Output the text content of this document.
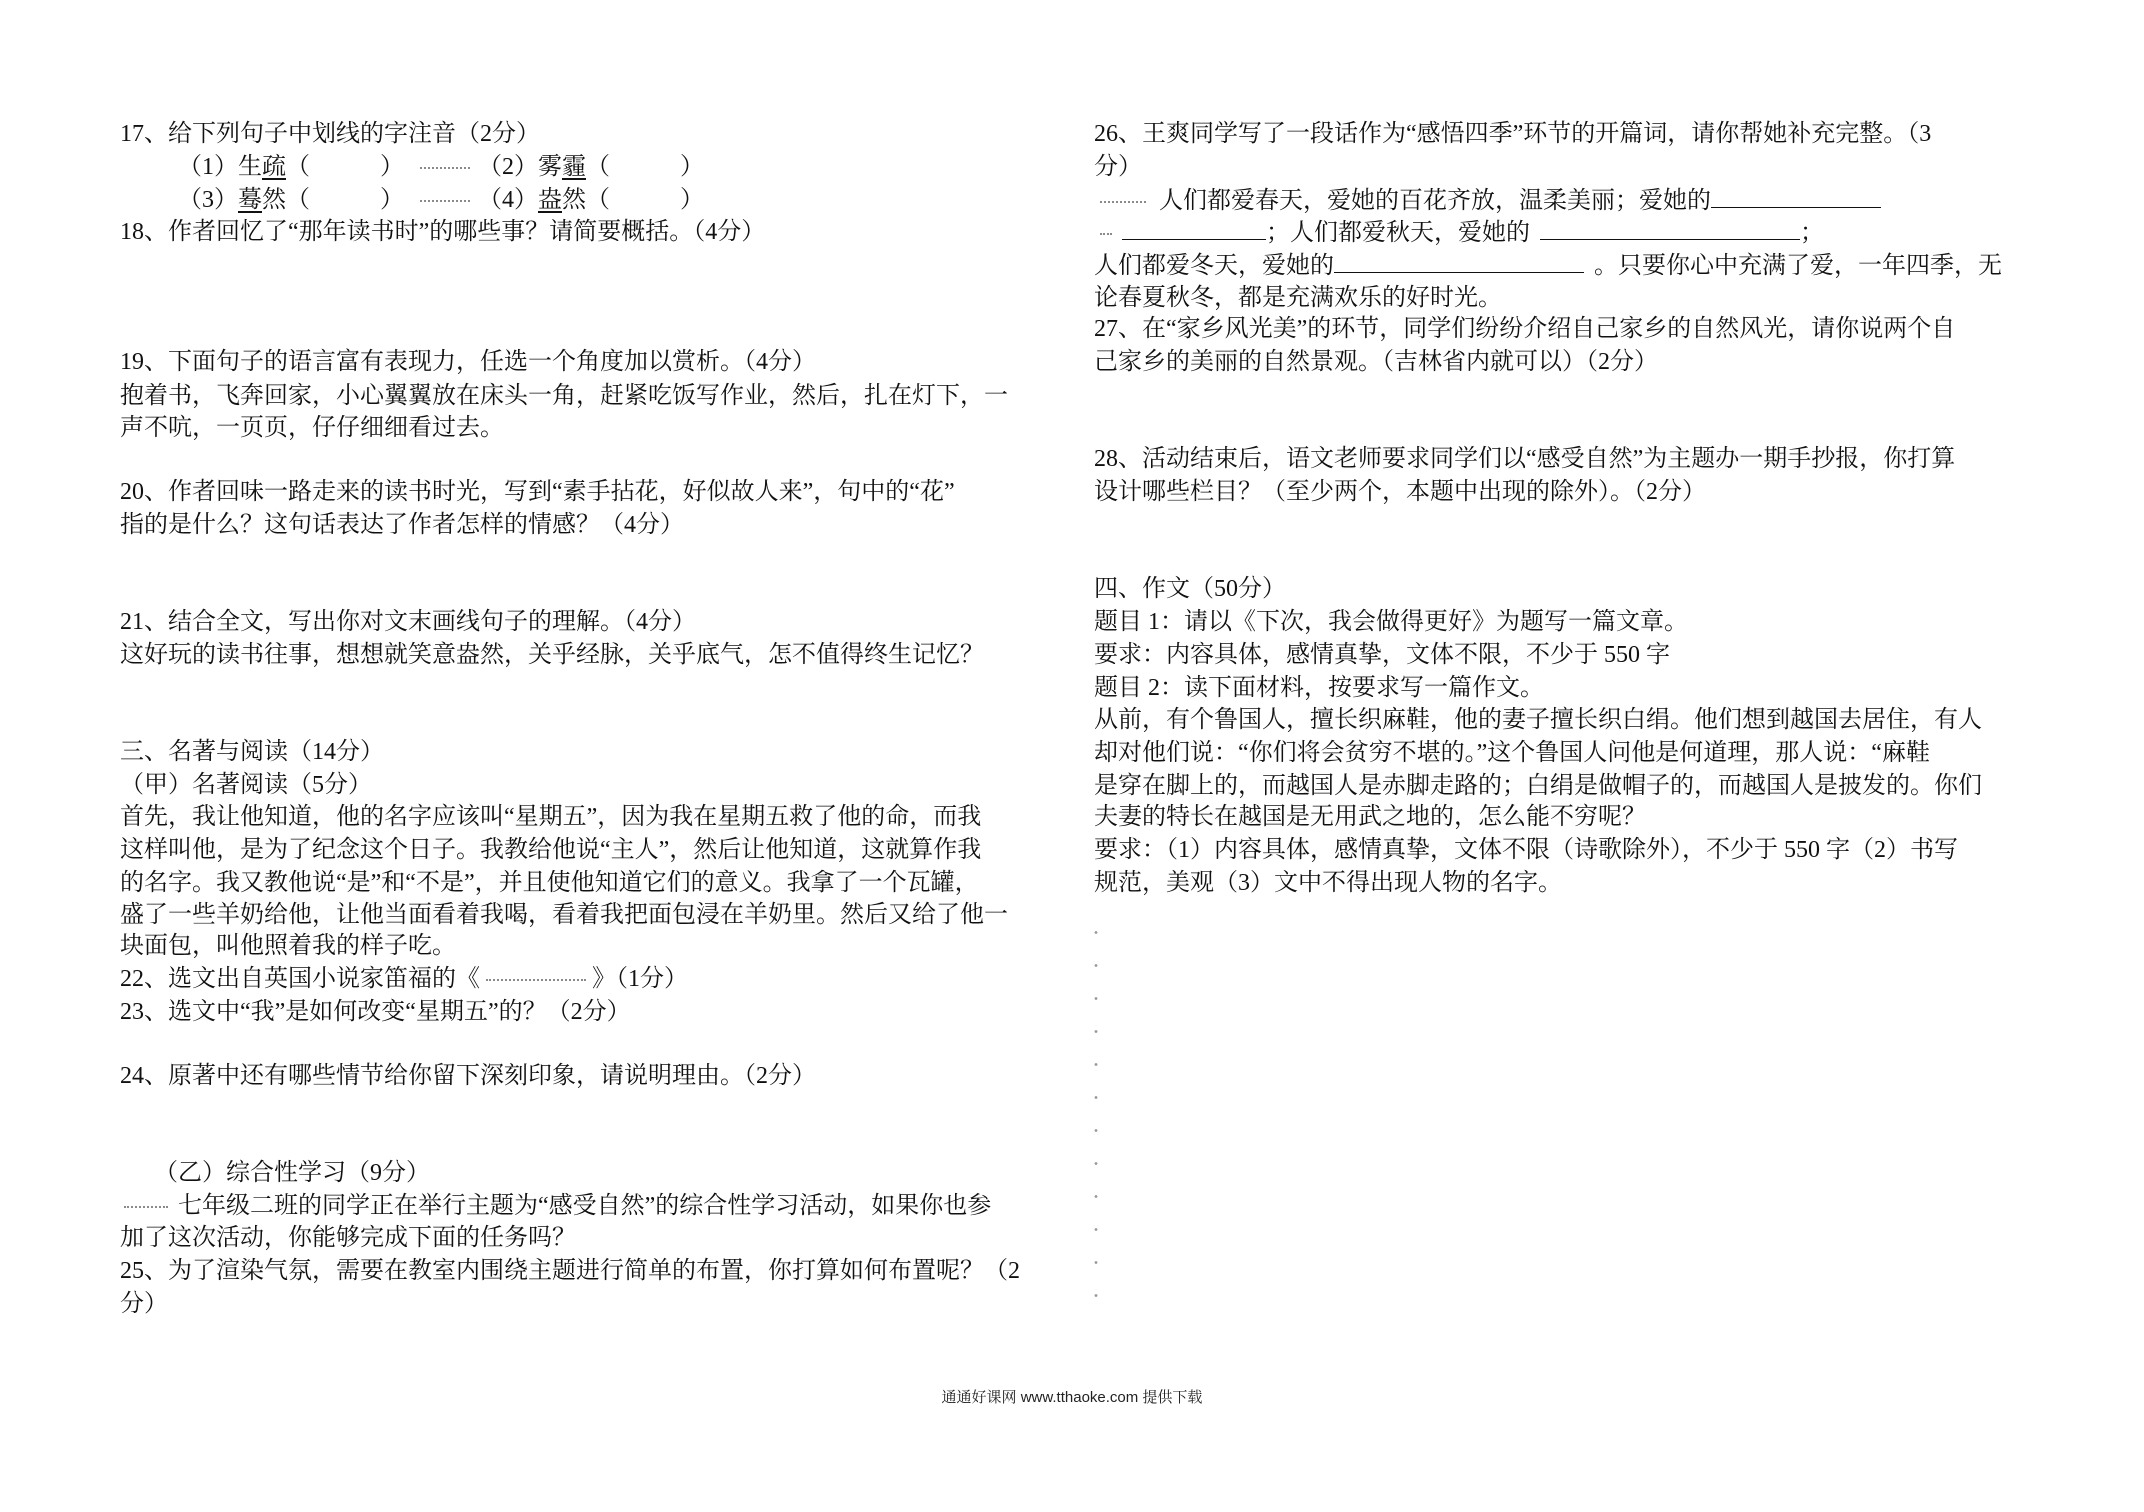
17、给下列句子中划线的字注音（2分）
（1）生疏（	）	（2）雾霾（	）
（3）蓦然（	）	（4）盎然（	）
18、作者回忆了“那年读书时”的哪些事？请简要概括。（4分）
19、下面句子的语言富有表现力，任选一个角度加以赏析。（4分）
抱着书，飞奔回家，小心翼翼放在床头一角，赶紧吃饭写作业，然后，扎在灯下，一
声不吭，一页页，仔仔细细看过去。
20、作者回味一路走来的读书时光，写到“素手拈花，好似故人来”，句中的“花”
指的是什么？这句话表达了作者怎样的情感？（4分）
21、结合全文，写出你对文末画线句子的理解。（4分）
这好玩的读书往事，想想就笑意盎然，关乎经脉，关乎底气，怎不值得终生记忆？
三、名著与阅读（14分）
（甲）名著阅读（5分）
首先，我让他知道，他的名字应该叫“星期五”，因为我在星期五救了他的命，而我
这样叫他，是为了纪念这个日子。我教给他说“主人”，然后让他知道，这就算作我
的名字。我又教他说“是”和“不是”，并且使他知道它们的意义。我拿了一个瓦罐，
盛了一些羊奶给他，让他当面看着我喝，看着我把面包浸在羊奶里。然后又给了他一
块面包，叫他照着我的样子吃。
22、选文出自英国小说家笛福的《	》（1分）
23、选文中“我”是如何改变“星期五”的？（2分）
24、原著中还有哪些情节给你留下深刻印象，请说明理由。（2分）
（乙）综合性学习（9分）
七年级二班的同学正在举行主题为“感受自然”的综合性学习活动，如果你也参
加了这次活动，你能够完成下面的任务吗？
25、为了渲染气氛，需要在教室内围绕主题进行简单的布置，你打算如何布置呢？（2
分）
26、王爽同学写了一段话作为“感悟四季”环节的开篇词，请你帮她补充完整。（3
分）
人们都爱春天，爱她的百花齐放，温柔美丽；爱她的
；人们都爱秋天，爱她的	；
人们都爱冬天，爱她的	。只要你心中充满了爱，一年四季，无
论春夏秋冬，都是充满欢乐的好时光。
27、在“家乡风光美”的环节，同学们纷纷介绍自己家乡的自然风光，请你说两个自
己家乡的美丽的自然景观。（吉林省内就可以）（2分）
28、活动结束后，语文老师要求同学们以“感受自然”为主题办一期手抄报，你打算
设计哪些栏目？（至少两个，本题中出现的除外）。（2分）
四、作文（50分）
题目 1：请以《下次，我会做得更好》为题写一篇文章。
要求：内容具体，感情真挚，文体不限，不少于 550 字
题目 2：读下面材料，按要求写一篇作文。
从前，有个鲁国人，擅长织麻鞋，他的妻子擅长织白绢。他们想到越国去居住，有人
却对他们说：“你们将会贫穷不堪的。”这个鲁国人问他是何道理，那人说：“麻鞋
是穿在脚上的，而越国人是赤脚走路的；白绢是做帽子的，而越国人是披发的。你们
夫妻的特长在越国是无用武之地的，怎么能不穷呢？
要求：（1）内容具体，感情真挚，文体不限（诗歌除外），不少于 550 字（2）书写
规范，美观（3）文中不得出现人物的名字。
通通好课网 www.tthaoke.com 提供下载
